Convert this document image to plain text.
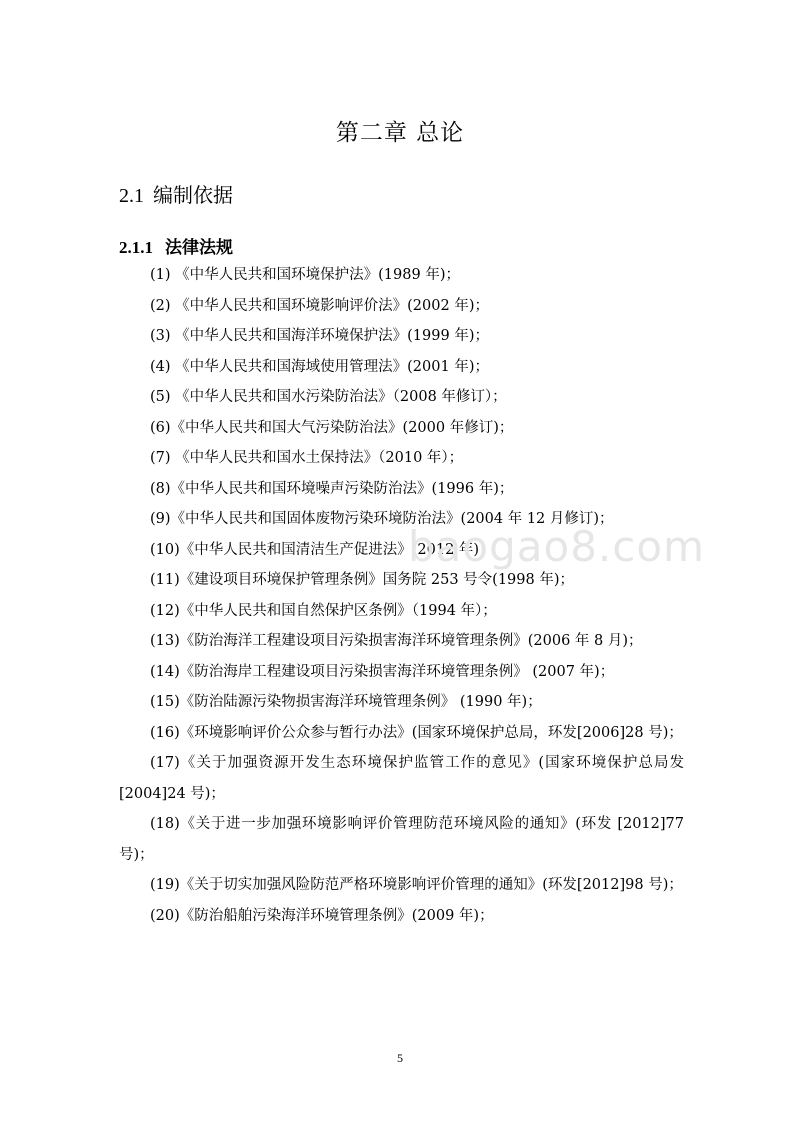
第二章 总论
2.1 编制依据
2.1.1 法律法规
(1) 《中华人民共和国环境保护法》(1989 年)；
(2) 《中华人民共和国环境影响评价法》(2002 年)；
(3) 《中华人民共和国海洋环境保护法》(1999 年)；
(4) 《中华人民共和国海域使用管理法》(2001 年)；
(5) 《中华人民共和国水污染防治法》（2008 年修订）；
(6)《中华人民共和国大气污染防治法》(2000 年修订)；
(7) 《中华人民共和国水土保持法》（2010 年）；
(8)《中华人民共和国环境噪声污染防治法》(1996 年)；
(9)《中华人民共和国固体废物污染环境防治法》(2004 年 12 月修订)；
(10)《中华人民共和国清洁生产促进法》(2012 年)；
(11)《建设项目环境保护管理条例》国务院 253 号令(1998 年)；
(12)《中华人民共和国自然保护区条例》（1994 年）；
(13)《防治海洋工程建设项目污染损害海洋环境管理条例》(2006 年 8 月)；
(14)《防治海岸工程建设项目污染损害海洋环境管理条例》 (2007 年)；
(15)《防治陆源污染物损害海洋环境管理条例》 (1990 年)；
(16)《环境影响评价公众参与暂行办法》(国家环境保护总局，环发[2006]28 号)；
(17)《关于加强资源开发生态环境保护监管工作的意见》(国家环境保护总局发[2004]24 号)；
(18)《关于进一步加强环境影响评价管理防范环境风险的通知》(环发 [2012]77 号)；
(19)《关于切实加强风险防范严格环境影响评价管理的通知》(环发[2012]98 号)；
(20)《防治船舶污染海洋环境管理条例》(2009 年)；
baogao8.com
5
